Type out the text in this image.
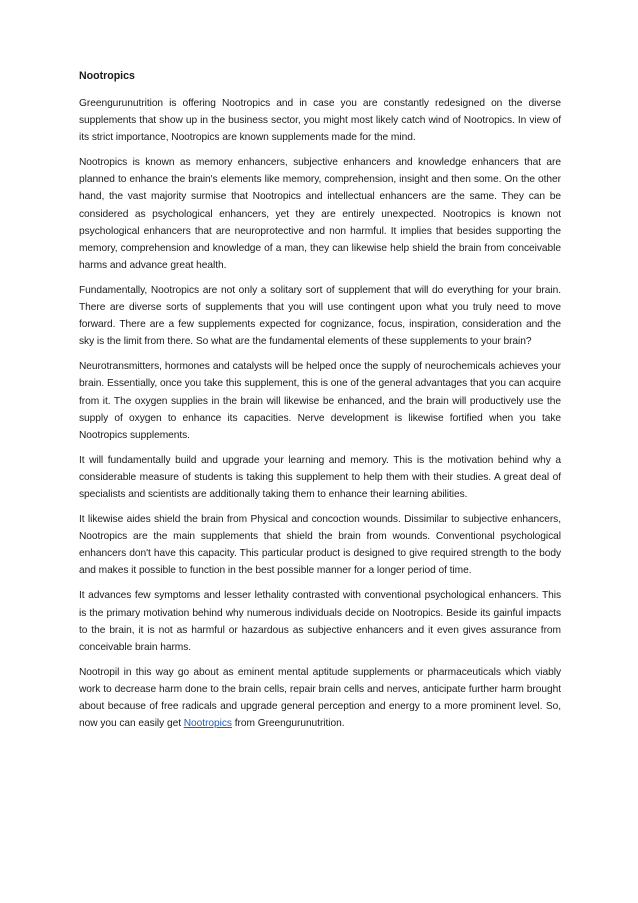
Nootropics

Greengurunutrition is offering Nootropics and in case you are constantly redesigned on the diverse supplements that show up in the business sector, you might most likely catch wind of Nootropics. In view of its strict importance, Nootropics are known supplements made for the mind.

Nootropics is known as memory enhancers, subjective enhancers and knowledge enhancers that are planned to enhance the brain's elements like memory, comprehension, insight and then some. On the other hand, the vast majority surmise that Nootropics and intellectual enhancers are the same. They can be considered as psychological enhancers, yet they are entirely unexpected. Nootropics is known not psychological enhancers that are neuroprotective and non harmful. It implies that besides supporting the memory, comprehension and knowledge of a man, they can likewise help shield the brain from conceivable harms and advance great health.

Fundamentally, Nootropics are not only a solitary sort of supplement that will do everything for your brain. There are diverse sorts of supplements that you will use contingent upon what you truly need to move forward. There are a few supplements expected for cognizance, focus, inspiration, consideration and the sky is the limit from there. So what are the fundamental elements of these supplements to your brain?

Neurotransmitters, hormones and catalysts will be helped once the supply of neurochemicals achieves your brain. Essentially, once you take this supplement, this is one of the general advantages that you can acquire from it. The oxygen supplies in the brain will likewise be enhanced, and the brain will productively use the supply of oxygen to enhance its capacities. Nerve development is likewise fortified when you take Nootropics supplements.

It will fundamentally build and upgrade your learning and memory. This is the motivation behind why a considerable measure of students is taking this supplement to help them with their studies. A great deal of specialists and scientists are additionally taking them to enhance their learning abilities.

It likewise aides shield the brain from Physical and concoction wounds. Dissimilar to subjective enhancers, Nootropics are the main supplements that shield the brain from wounds. Conventional psychological enhancers don't have this capacity. This particular product is designed to give required strength to the body and makes it possible to function in the best possible manner for a longer period of time.

It advances few symptoms and lesser lethality contrasted with conventional psychological enhancers. This is the primary motivation behind why numerous individuals decide on Nootropics. Beside its gainful impacts to the brain, it is not as harmful or hazardous as subjective enhancers and it even gives assurance from conceivable brain harms.

Nootropil in this way go about as eminent mental aptitude supplements or pharmaceuticals which viably work to decrease harm done to the brain cells, repair brain cells and nerves, anticipate further harm brought about because of free radicals and upgrade general perception and energy to a more prominent level. So, now you can easily get Nootropics from Greengurunutrition.
